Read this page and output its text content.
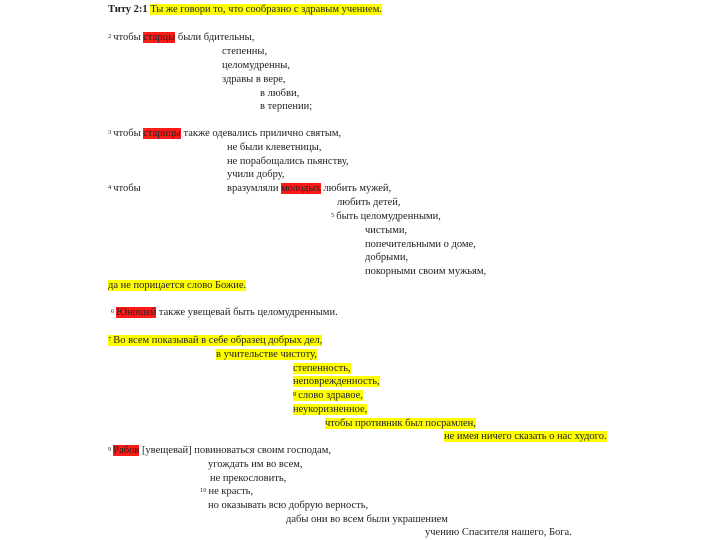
Титу 2:1 Ты же говори то, что сообразно с здравым учением.
$^2$ чтобы старцы были бдительны,
степенны,
целомудренны,
здравы в вере,
в любви,
в терпении;
$^3$ чтобы старицы также одевались прилично святым,
не были клеветницы,
не порабощались пьянству,
учили добру,
$^4$ чтобы	вразумляли молодых любить мужей,
любить детей,
$^5$ быть целомудренными,
чистыми,
попечительными о доме,
добрыми,
покорными своим мужьям,
да не порицается слово Божие.
$^6$ Юношей также увещевай быть целомудренными.
$^7$ Во всем показывай в себе образец добрых дел,
в учительстве чистоту,
степенность,
неповрежденность,
$^8$ слово здравое,
неукоризненное,
чтобы противник был посрамлен,
не имея ничего сказать о нас худого.
$^9$ Рабов [увещевай] повиноваться своим господам,
угождать им во всем,
не прекословить,
$^{10}$ не красть,
но оказывать всю добрую верность,
дабы они во всем были украшением
учению Спасителя нашего, Бога.
